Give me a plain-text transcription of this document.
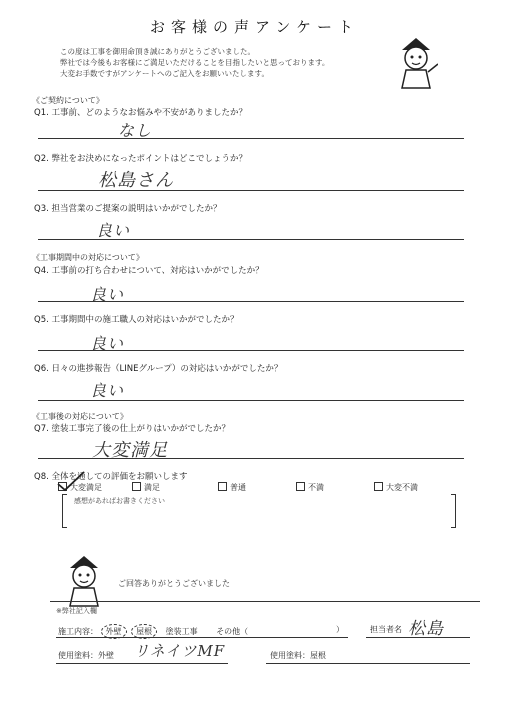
お客様の声アンケート
この度は工事を御用命頂き誠にありがとうございました。
弊社では今後もお客様にご満足いただけることを目指したいと思っております。
大変お手数ですがアンケートへのご記入をお願いいたします。
《ご契約について》
Q1. 工事前、どのようなお悩みや不安がありましたか？
なし
Q2. 弊社をお決めになったポイントはどこでしょうか？
松島さん
Q3. 担当営業のご提案の説明はいかがでしたか？
良い
《工事期間中の対応について》
Q4. 工事前の打ち合わせについて、対応はいかがでしたか？
良い
Q5. 工事期間中の施工職人の対応はいかがでしたか？
良い
Q6. 日々の進捗報告（LINEグループ）の対応はいかがでしたか？
良い
《工事後の対応について》
Q7. 塗装工事完了後の仕上がりはいかがでしたか？
大変満足
Q8. 全体を通しての評価をお願いします
大変満足	満足	普通	不満	大変不満
感想があればお書きください
ご回答ありがとうございました
※弊社記入欄
施工内容： 外壁 屋根 塗装工事 その他（	）	担当者名 松島
使用塗料：外壁 リネイツMF	使用塗料：屋根
